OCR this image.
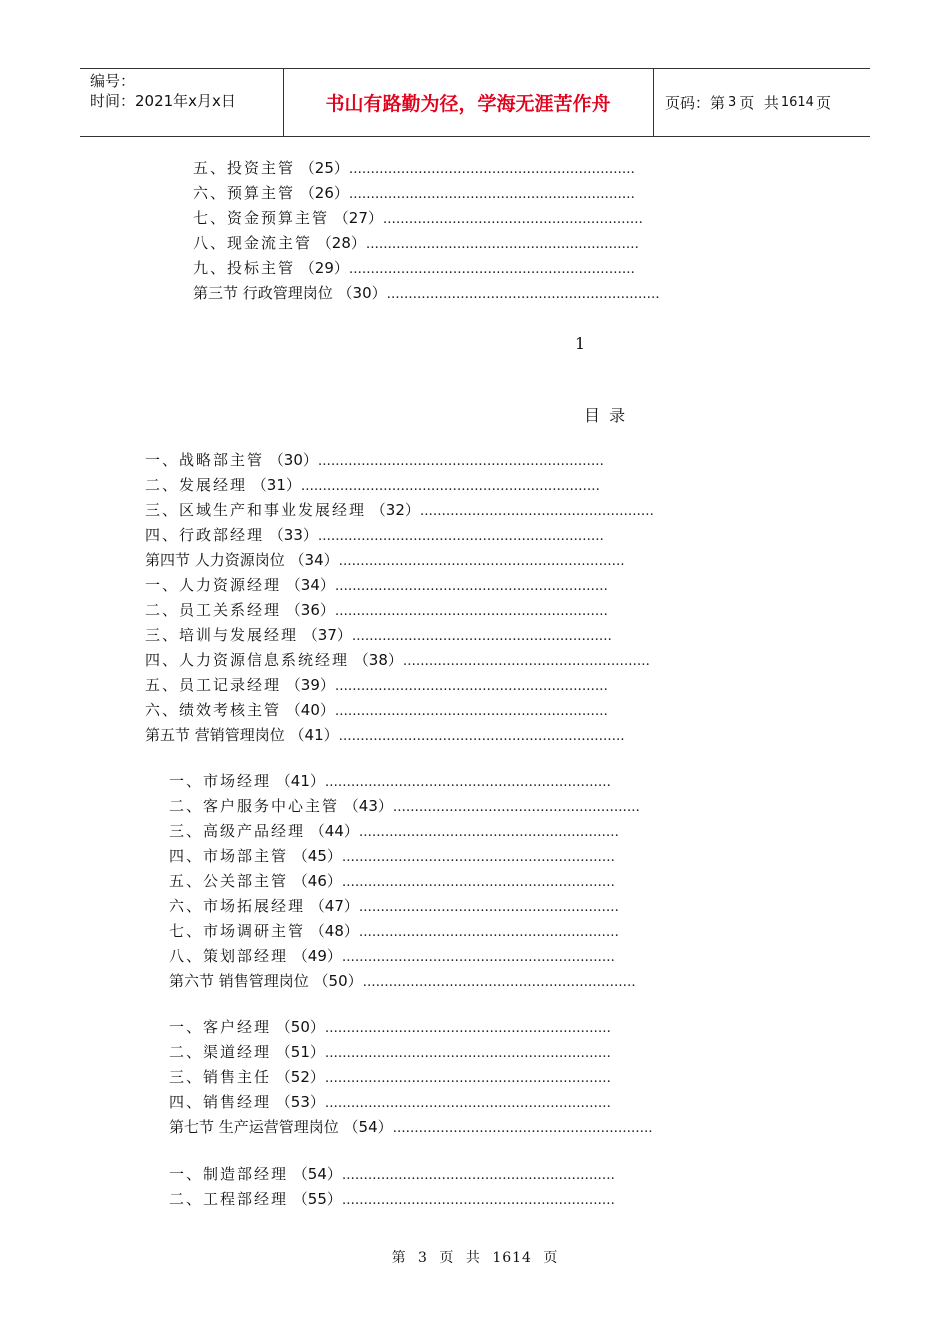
编号：
时间：2021年x月x日	书山有路勤为径，学海无涯苦作舟	页码：第 3 页  共 1614 页
五、投资主管 （25）…………………………………………………………
六、预算主管 （26）…………………………………………………………
七、资金预算主管 （27）……………………………………………………
八、现金流主管 （28）………………………………………………………
九、投标主管 （29）…………………………………………………………
第三节 行政管理岗位 （30）………………………………………………………
一、战略部主管 （30）…………………………………………………………
二、发展经理 （31）……………………………………………………………
三、区域生产和事业发展经理 （32）………………………………………………
四、行政部经理 （33）…………………………………………………………
第四节 人力资源岗位 （34）…………………………………………………………
一、人力资源经理 （34）………………………………………………………
二、员工关系经理 （36）………………………………………………………
三、培训与发展经理 （37）……………………………………………………
四、人力资源信息系统经理 （38）…………………………………………………
五、员工记录经理 （39）………………………………………………………
六、绩效考核主管 （40）………………………………………………………
第五节 营销管理岗位 （41）…………………………………………………………
一、市场经理 （41）…………………………………………………………
二、客户服务中心主管 （43）…………………………………………………
三、高级产品经理 （44）……………………………………………………
四、市场部主管 （45）………………………………………………………
五、公关部主管 （46）………………………………………………………
六、市场拓展经理 （47）……………………………………………………
七、市场调研主管 （48）……………………………………………………
八、策划部经理 （49）………………………………………………………
第六节 销售管理岗位 （50）………………………………………………………
一、客户经理 （50）…………………………………………………………
二、渠道经理 （51）…………………………………………………………
三、销售主任 （52）…………………………………………………………
四、销售经理 （53）…………………………………………………………
第七节 生产运营管理岗位 （54）……………………………………………………
一、制造部经理 （54）………………………………………………………
二、工程部经理 （55）………………………………………………………
1
目 录
第 3 页 共 1614 页
